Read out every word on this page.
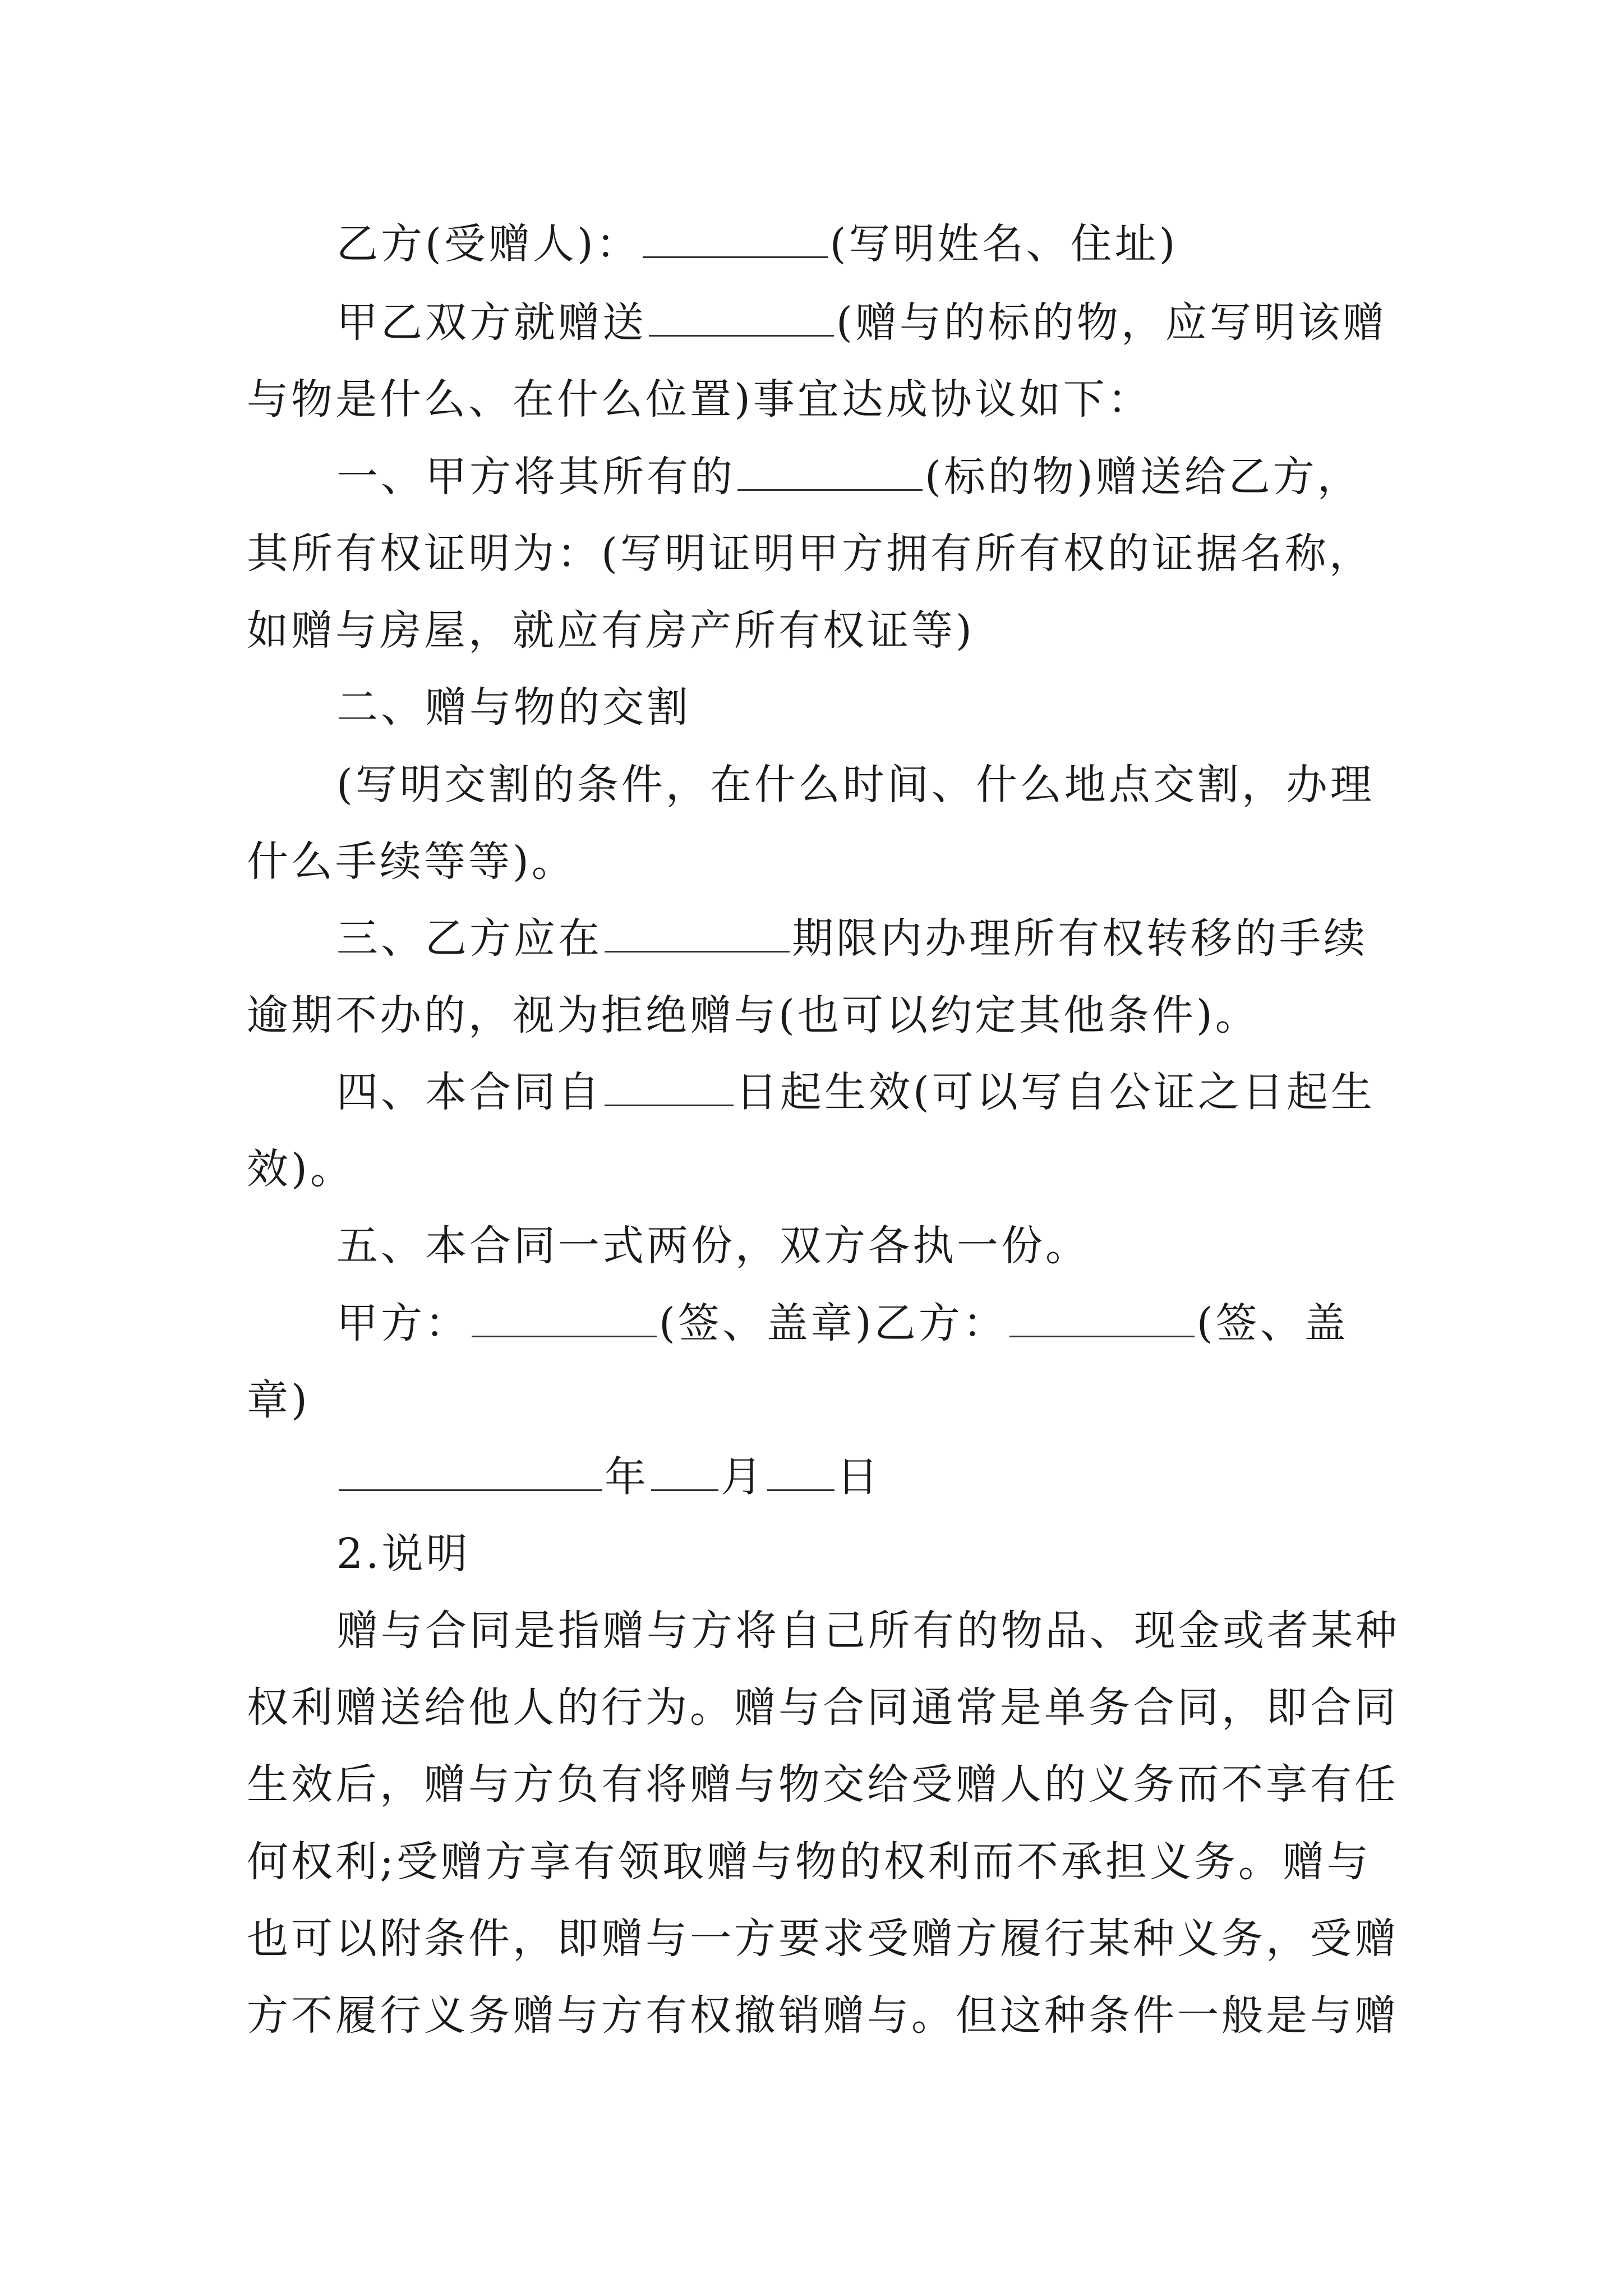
乙方(受赠人)：	(写明姓名、住址)
甲乙双方就赠送	(赠与的标的物，应写明该赠
与物是什么、在什么位置)事宜达成协议如下：
一、甲方将其所有的	(标的物)赠送给乙方，
其所有权证明为：(写明证明甲方拥有所有权的证据名称，
如赠与房屋，就应有房产所有权证等)
二、赠与物的交割
(写明交割的条件，在什么时间、什么地点交割，办理
什么手续等等)。
三、乙方应在	期限内办理所有权转移的手续
逾期不办的，视为拒绝赠与(也可以约定其他条件)。
四、本合同自	日起生效(可以写自公证之日起生
效)。
五、本合同一式两份，双方各执一份。
甲方：	(签、盖章)乙方：	(签、盖
章)
年 月 日
2.说明
赠与合同是指赠与方将自己所有的物品、现金或者某种
权利赠送给他人的行为。赠与合同通常是单务合同，即合同
生效后，赠与方负有将赠与物交给受赠人的义务而不享有任
何权利;受赠方享有领取赠与物的权利而不承担义务。赠与
也可以附条件，即赠与一方要求受赠方履行某种义务，受赠
方不履行义务赠与方有权撤销赠与。但这种条件一般是与赠
